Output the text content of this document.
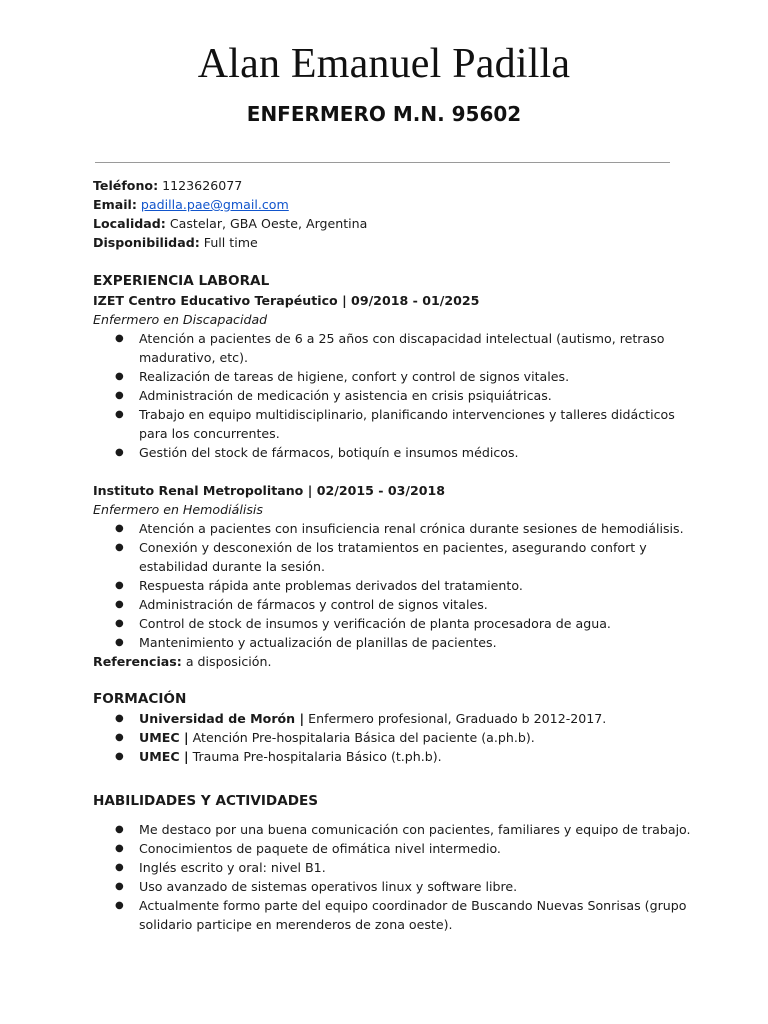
Alan Emanuel Padilla
ENFERMERO M.N. 95602

Teléfono: 1123626077

Email: padilla.pae@gmail.com

Localidad: Castelar, GBA Oeste, Argentina

Disponibilidad: Full time

EXPERIENCIA LABORAL

IZET Centro Educativo Terapéutico | 09/2018 - 01/2025

Enfermero en Discapacidad

● Atención a pacientes de 6 a 25 años con discapacidad intelectual (autismo, retraso
madurativo, etc).
● Realización de tareas de higiene, confort y control de signos vitales.
● Administración de medicación y asistencia en crisis psiquiátricas.
● Trabajo en equipo multidisciplinario, planificando intervenciones y talleres didácticos
para los concurrentes.
● Gestión del stock de fármacos, botiquín e insumos médicos.

Instituto Renal Metropolitano | 02/2015 - 03/2018

Enfermero en Hemodiálisis

● Atención a pacientes con insuficiencia renal crónica durante sesiones de hemodiálisis.
● Conexión y desconexión de los tratamientos en pacientes, asegurando confort y
estabilidad durante la sesión.
● Respuesta rápida ante problemas derivados del tratamiento.
● Administración de fármacos y control de signos vitales.
● Control de stock de insumos y verificación de planta procesadora de agua.
● Mantenimiento y actualización de planillas de pacientes.

Referencias: a disposición.

FORMACIÓN

● Universidad de Morón | Enfermero profesional, Graduado b 2012-2017.
● UMEC | Atención Pre-hospitalaria Básica del paciente (a.ph.b).
● UMEC | Trauma Pre-hospitalaria Básico (t.ph.b).

HABILIDADES Y ACTIVIDADES

● Me destaco por una buena comunicación con pacientes, familiares y equipo de trabajo.
● Conocimientos de paquete de ofimática nivel intermedio.
● Inglés escrito y oral: nivel B1.
● Uso avanzado de sistemas operativos linux y software libre.
● Actualmente formo parte del equipo coordinador de Buscando Nuevas Sonrisas (grupo
solidario participe en merenderos de zona oeste).
